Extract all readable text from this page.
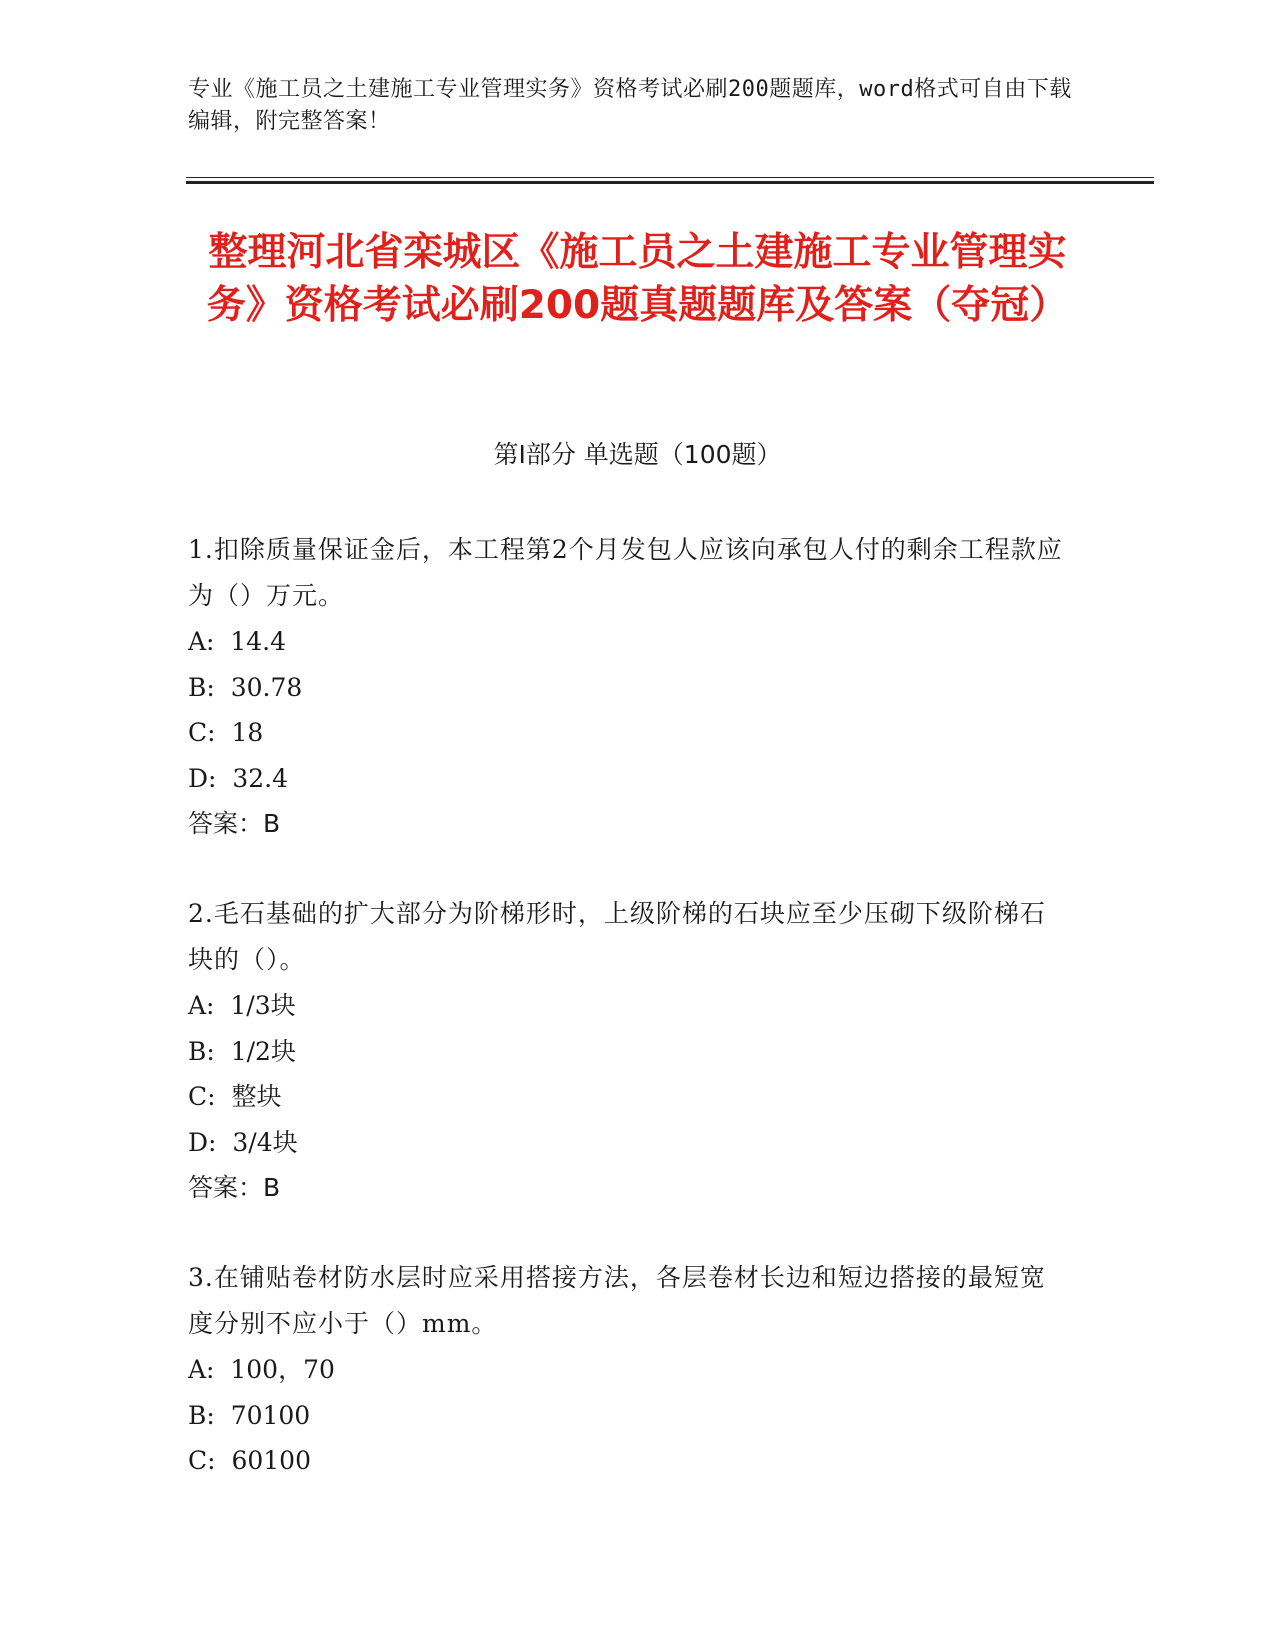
专业《施工员之土建施工专业管理实务》资格考试必刷200题题库，word格式可自由下载编辑，附完整答案！
整理河北省栾城区《施工员之土建施工专业管理实务》资格考试必刷200题真题题库及答案（夺冠）
第Ⅰ部分 单选题（100题）

1.扣除质量保证金后，本工程第2个月发包人应该向承包人付的剩余工程款应为（）万元。

A:  14.4

B:  30.78

C:  18

D:  32.4

答案：B

2.毛石基础的扩大部分为阶梯形时，上级阶梯的石块应至少压砌下级阶梯石块的（）。

A:  1/3块

B:  1/2块

C:  整块

D:  3/4块

答案：B

3.在铺贴卷材防水层时应采用搭接方法，各层卷材长边和短边搭接的最短宽度分别不应小于（）mm。

A:  100，70

B:  70100

C:  60100
